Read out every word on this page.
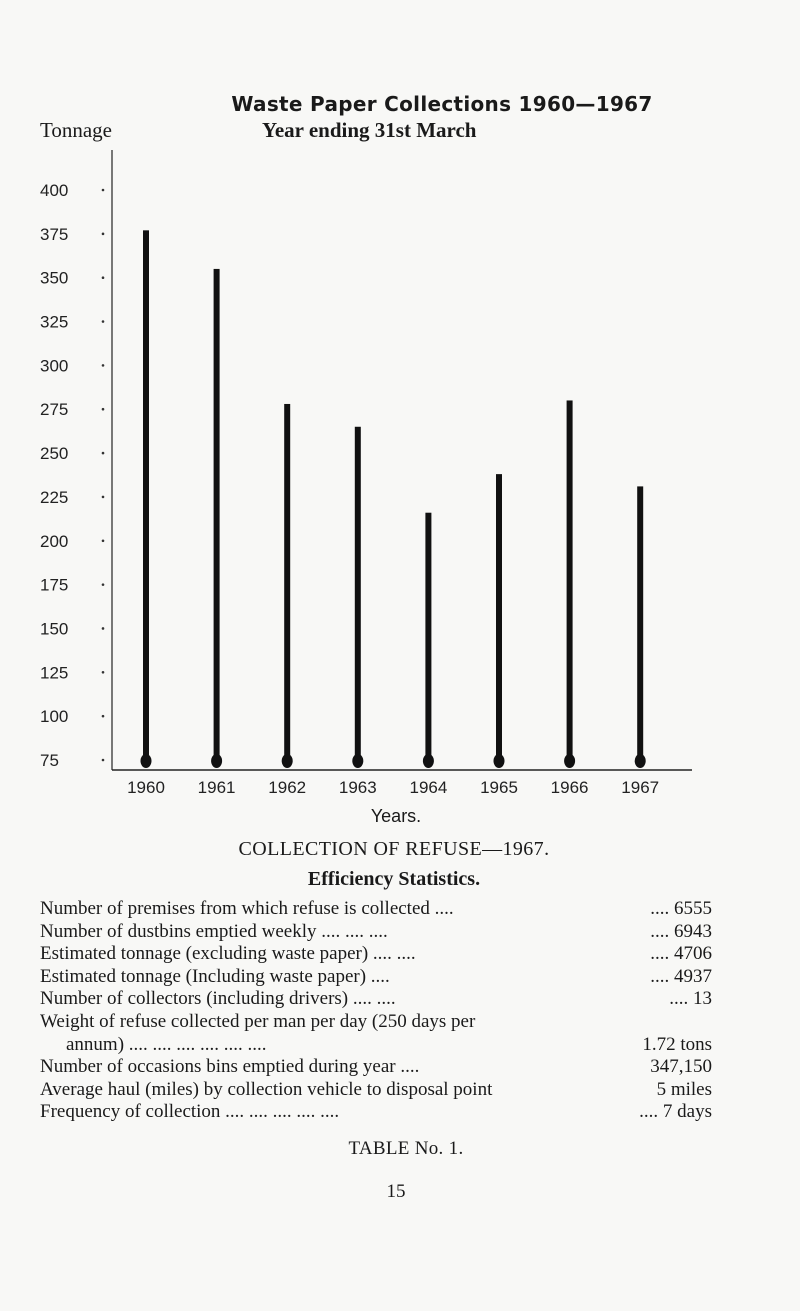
Waste Paper Collections 1960—1967
Tonnage	Year ending 31st March
400
375
350
325
300
275
250
225
200
175
150
125
100
75
1960 1961 1962 1963 1964 1965 1966 1967
Years.
COLLECTION OF REFUSE—1967.
Efficiency Statistics.
Number of premises from which refuse is collected ....	.... 6555
Number of dustbins emptied weekly .... .... ....	.... 6943
Estimated tonnage (excluding waste paper) .... ....	.... 4706
Estimated tonnage (Including waste paper) ....	.... 4937
Number of collectors (including drivers) .... ....	.... 13
Weight of refuse collected per man per day (250 days per
annum) .... .... .... .... .... ....	1.72 tons
Number of occasions bins emptied during year ....	347,150
Average haul (miles) by collection vehicle to disposal point	5 miles
Frequency of collection .... .... .... .... ....	.... 7 days
TABLE No. 1.
15
